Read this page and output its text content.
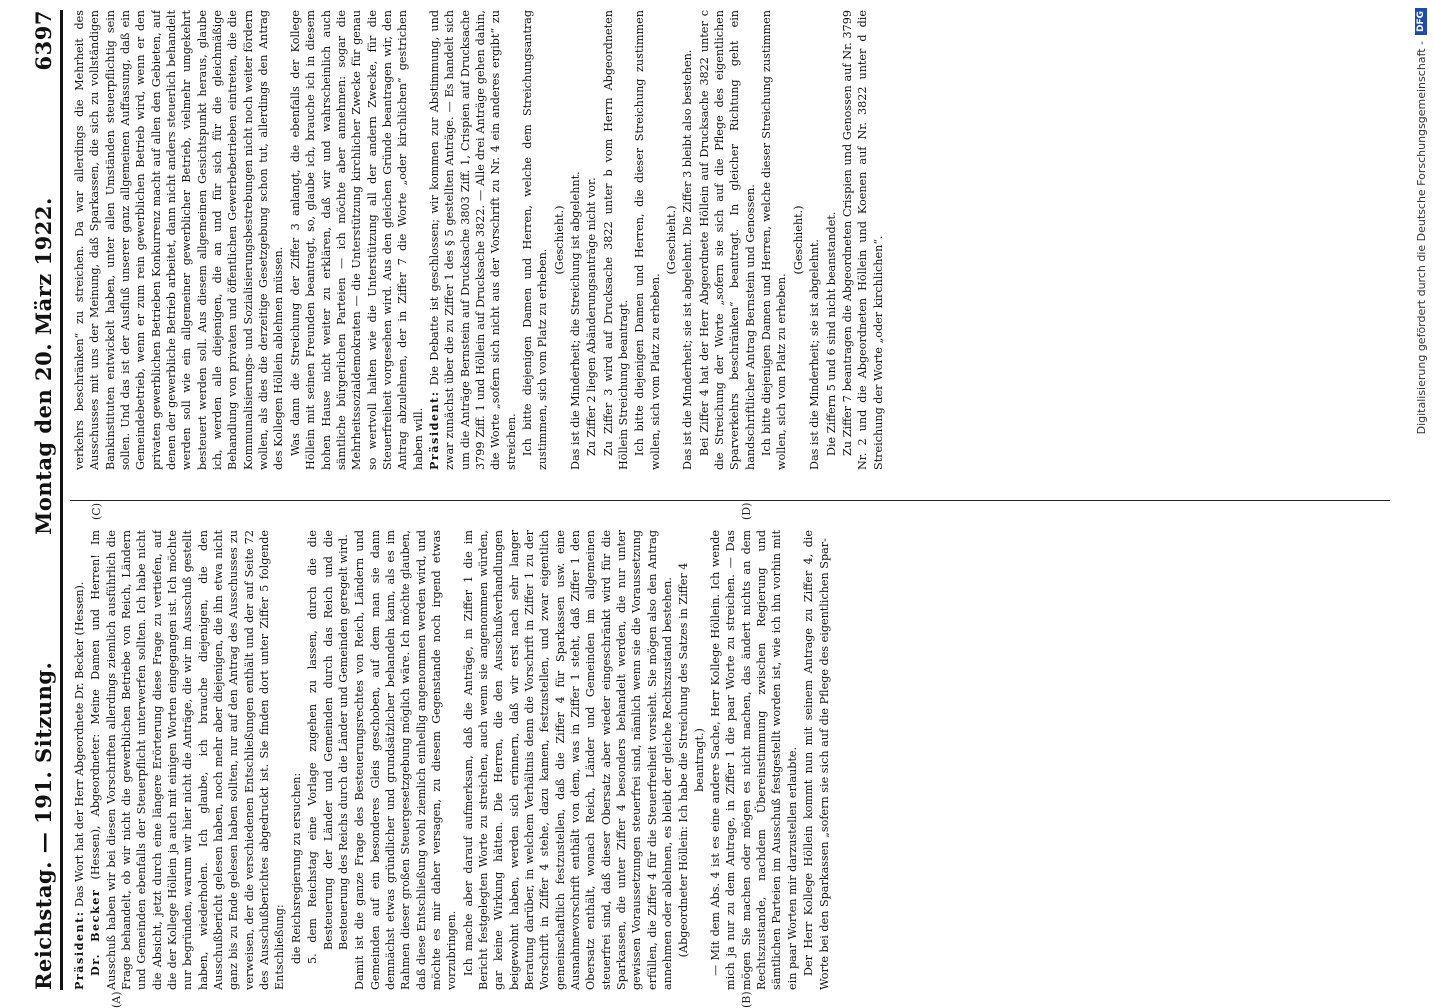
Reichstag. — 191. Sitzung.
Montag den 20. März 1922.
6397

Präsident: Das Wort hat der Herr Abgeordnete Dr. Becker (Hessen).

Dr. Becker (Hessen), Abgeordneter: Meine Damen und Herren! Im Ausschuß haben wir bei diesen Vorschriften allerdings ziemlich ausführlich die Frage behandelt, ob wir nicht die gewerblichen Betriebe von Reich, Ländern und Gemeinden ebenfalls der Steuerpflicht unterwerfen sollten. Ich habe nicht die Absicht, jetzt durch eine längere Erörterung diese Frage zu vertiefen, auf die der Kollege Höllein ja auch mit einigen Worten eingegangen ist. Ich möchte nur begründen, warum wir hier nicht die Anträge, die wir im Ausschuß gestellt haben, wiederholen. Ich glaube, ich brauche diejenigen, die den Ausschußbericht gelesen haben, noch mehr aber diejenigen, die ihn etwa nicht ganz bis zu Ende gelesen haben sollten, nur auf den Antrag des Ausschusses zu verweisen, der die verschiedenen Entschließungen enthält und der auf Seite 72 des Ausschußberichtes abgedruckt ist. Sie finden dort unter Ziffer 5 folgende Entschließung: die Reichsregierung zu ersuchen: 5. dem Reichstag eine Vorlage zugehen zu lassen, durch die die Besteuerung der Länder und Gemeinden durch das Reich und die Besteuerung des Reichs durch die Länder und Gemeinden geregelt wird. Damit ist die ganze Frage des Besteuerungsrechtes von Reich, Ländern und Gemeinden auf ein besonderes Gleis geschoben, auf dem man sie dann demnächst etwas gründlicher und grundsätzlicher behandeln kann, als es im Rahmen dieser großen Steuergesetzgebung möglich wäre. Ich möchte glauben, daß diese Entschließung wohl ziemlich einhellig angenommen werden wird, und möchte es mir daher versagen, zu diesem Gegenstande noch irgend etwas vorzubringen. Ich mache aber darauf aufmerksam, daß die Anträge, in Ziffer 1 die im Bericht festgelegten Worte zu streichen, auch wenn sie angenommen würden, gar keine Wirkung hätten. Die Herren, die den Ausschußverhandlungen beigewohnt haben, werden sich erinnern, daß wir erst nach sehr langer Beratung darüber, in welchem Verhältnis denn die Vorschrift in Ziffer 1 zu der Vorschrift in Ziffer 4 stehe, dazu kamen, festzustellen, und zwar eigentlich gemeinschaftlich festzustellen, daß die Ziffer 4 für Sparkassen usw. eine Ausnahmevorschrift enthält von dem, was in Ziffer 1 steht, daß Ziffer 1 den Obersatz enthält, wonach Reich, Länder und Gemeinden im allgemeinen steuerfrei sind, daß dieser Obersatz aber wieder eingeschränkt wird für die Sparkassen, die unter Ziffer 4 besonders behandelt werden, die nur unter gewissen Voraussetzungen steuerfrei sind, nämlich wenn sie die Voraussetzung erfüllen, die Ziffer 4 für die Steuerfreiheit vorsieht. Sie mögen also den Antrag annehmen oder ablehnen, es bleibt der gleiche Rechtszustand bestehen. (Abgeordneter Höllein: Ich habe die Streichung des Satzes in Ziffer 4 beantragt.) — Mit dem Abs. 4 ist es eine andere Sache, Herr Kollege Höllein. Ich wende mich ja nur zu dem Antrage, in Ziffer 1 die paar Worte zu streichen. — Das mögen Sie machen oder mögen es nicht machen, das ändert nichts an dem Rechtszustande, nachdem Übereinstimmung zwischen Regierung und sämtlichen Parteien im Ausschuß festgestellt worden ist, wie ich ihn vorhin mit ein paar Worten mir darzustellen erlaubte. Der Herr Kollege Höllein kommt nun mit seinem Antrage zu Ziffer 4, die Worte bei den Sparkassen „sofern sie sich auf die Pflege des eigentlichen Spar-

verkehrs beschränken“ zu streichen. Da war allerdings die Mehrheit des Ausschusses mit uns der Meinung, daß Sparkassen, die sich zu vollständigen Bankinstituten entwickelt haben, unter allen Umständen steuerpflichtig sein sollen. Und das ist der Ausfluß unserer ganz allgemeinen Auffassung, daß ein Gemeindebetrieb, wenn er zum rein gewerblichen Betrieb wird, wenn er den privaten gewerblichen Betrieben Konkurrenz macht auf allen den Gebieten, auf denen der gewerbliche Betrieb arbeitet, dann nicht anders steuerlich behandelt werden soll wie ein allgemeiner gewerblicher Betrieb, vielmehr umgekehrt besteuert werden soll. Aus diesem allgemeinen Gesichtspunkt heraus, glaube ich, werden alle diejenigen, die an und für sich für die gleichmäßige Behandlung von privaten und öffentlichen Gewerbebetrieben eintreten, die die Kommunalisierungs- und Sozialisierungsbestrebungen nicht noch weiter fördern wollen, als dies die derzeitige Gesetzgebung schon tut, allerdings den Antrag des Kollegen Höllein ablehnen müssen. Was dann die Streichung der Ziffer 3 anlangt, die ebenfalls der Kollege Höllein mit seinen Freunden beantragt, so, glaube ich, brauche ich in diesem hohen Hause nicht weiter zu erklären, daß wir und wahrscheinlich auch sämtliche bürgerlichen Parteien — ich möchte aber annehmen: sogar die Mehrheitssozialdemokraten — die Unterstützung kirchlicher Zwecke für genau so wertvoll halten wie die Unterstützung all der andern Zwecke, für die Steuerfreiheit vorgesehen wird. Aus den gleichen Gründe beantragen wir, den Antrag abzulehnen, der in Ziffer 7 die Worte „oder kirchlichen“ gestrichen haben will. Präsident: Die Debatte ist geschlossen; wir kommen zur Abstimmung, und zwar zunächst über die zu Ziffer 1 des § 5 gestellten Anträge. — Es handelt sich um die Anträge Bernstein auf Drucksache 3803 Ziff. 1, Crispien auf Drucksache 3799 Ziff. 1 und Höllein auf Drucksache 3822. — Alle drei Anträge gehen dahin, die Worte „sofern sich nicht aus der Vorschrift zu Nr. 4 ein anderes ergibt“ zu streichen. Ich bitte diejenigen Damen und Herren, welche dem Streichungsantrag zustimmen, sich vom Platz zu erheben.

(Geschieht.) Das ist die Minderheit; die Streichung ist abgelehnt. Zu Ziffer 2 liegen Abänderungsanträge nicht vor. Zu Ziffer 3 wird auf Drucksache 3822 unter b vom Herrn Abgeordneten Höllein Streichung beantragt. Ich bitte diejenigen Damen und Herren, die dieser Streichung zustimmen wollen, sich vom Platz zu erheben.

(Geschieht.) Das ist die Minderheit; sie ist abgelehnt. Die Ziffer 3 bleibt also bestehen. Bei Ziffer 4 hat der Herr Abgeordnete Höllein auf Drucksache 3822 unter c die Streichung der Worte „sofern sie sich auf die Pflege des eigentlichen Sparverkehrs beschränken“ beantragt. In gleicher Richtung geht ein handschriftlicher Antrag Bernstein und Genossen. Ich bitte diejenigen Damen und Herren, welche dieser Streichung zustimmen wollen, sich vom Platz zu erheben.

(Geschieht.) Das ist die Minderheit; sie ist abgelehnt. Die Ziffern 5 und 6 sind nicht beanstandet. Zu Ziffer 7 beantragen die Abgeordneten Crispien und Genossen auf Nr. 3799 Nr. 2 und die Abgeordneten Höllein und Koenen auf Nr. 3822 unter d die Streichung der Worte „oder kirchlichen“.

(A)	(B)
(C)	(D)
Digitalisierung gefördert durch die Deutsche Forschungsgemeinschaft -
DFG
